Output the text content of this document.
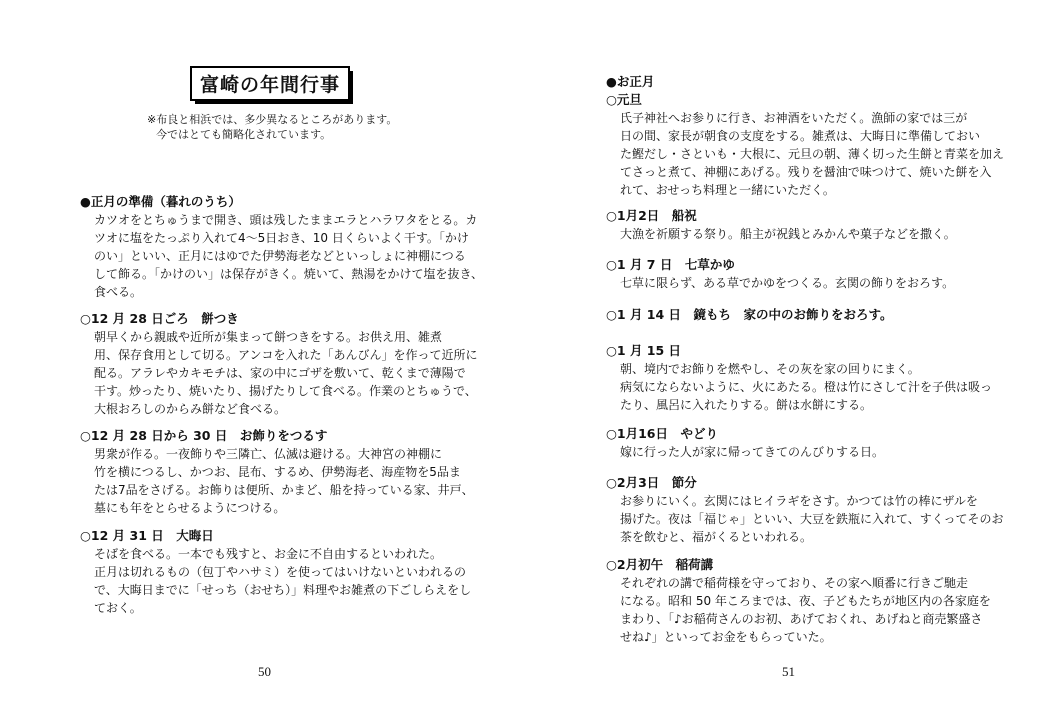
富崎の年間行事
※布良と相浜では、多少異なるところがあります。
今ではとても簡略化されています。
●正月の準備（暮れのうち）

カツオをとちゅうまで開き、頭は残したままエラとハラワタをとる。カ

ツオに塩をたっぷり入れて4～5日おき、10 日くらいよく干す。「かけ

のい」といい、正月にはゆでた伊勢海老などといっしょに神棚につる

して飾る。「かけのい」は保存がきく。焼いて、熱湯をかけて塩を抜き、

食べる。

○12 月 28 日ごろ　餅つき

朝早くから親戚や近所が集まって餅つきをする。お供え用、雑煮

用、保存食用として切る。アンコを入れた「あんびん」を作って近所に

配る。アラレやカキモチは、家の中にゴザを敷いて、乾くまで薄陽で

干す。炒ったり、焼いたり、揚げたりして食べる。作業のとちゅうで、

大根おろしのからみ餅など食べる。

○12 月 28 日から 30 日　お飾りをつるす

男衆が作る。一夜飾りや三隣亡、仏滅は避ける。大神宮の神棚に

竹を横につるし、かつお、昆布、するめ、伊勢海老、海産物を5品ま

たは7品をさげる。お飾りは便所、かまど、船を持っている家、井戸、

墓にも年をとらせるようにつける。

○12 月 31 日　大晦日

そばを食べる。一本でも残すと、お金に不自由するといわれた。

正月は切れるもの（包丁やハサミ）を使ってはいけないといわれるの

で、大晦日までに「せっち（おせち）」料理やお雑煮の下ごしらえをし

ておく。

50
●お正月
○元旦

氏子神社へお参りに行き、お神酒をいただく。漁師の家では三が

日の間、家長が朝食の支度をする。雑煮は、大晦日に準備しておい

た鰹だし・さといも・大根に、元旦の朝、薄く切った生餅と青菜を加え

てさっと煮て、神棚にあげる。残りを醤油で味つけて、焼いた餅を入

れて、おせっち料理と一緒にいただく。

○1月2日　船祝

大漁を祈願する祭り。船主が祝銭とみかんや菓子などを撒く。

○1 月 7 日　七草かゆ

七草に限らず、ある草でかゆをつくる。玄関の飾りをおろす。

○1 月 14 日　鏡もち　家の中のお飾りをおろす。
○1 月 15 日

朝、境内でお飾りを燃やし、その灰を家の回りにまく。

病気にならないように、火にあたる。橙は竹にさして汁を子供は吸っ

たり、風呂に入れたりする。餅は水餅にする。

○1月16日　やどり

嫁に行った人が家に帰ってきてのんびりする日。

○2月3日　節分

お参りにいく。玄関にはヒイラギをさす。かつては竹の棒にザルを

揚げた。夜は「福じゃ」といい、大豆を鉄瓶に入れて、すくってそのお

茶を飲むと、福がくるといわれる。

○2月初午　稲荷講

それぞれの講で稲荷様を守っており、その家へ順番に行きご馳走

になる。昭和 50 年ころまでは、夜、子どもたちが地区内の各家庭を

まわり、「♪お稲荷さんのお初、あげておくれ、あげねと商売繁盛さ

せね♪」といってお金をもらっていた。

51
